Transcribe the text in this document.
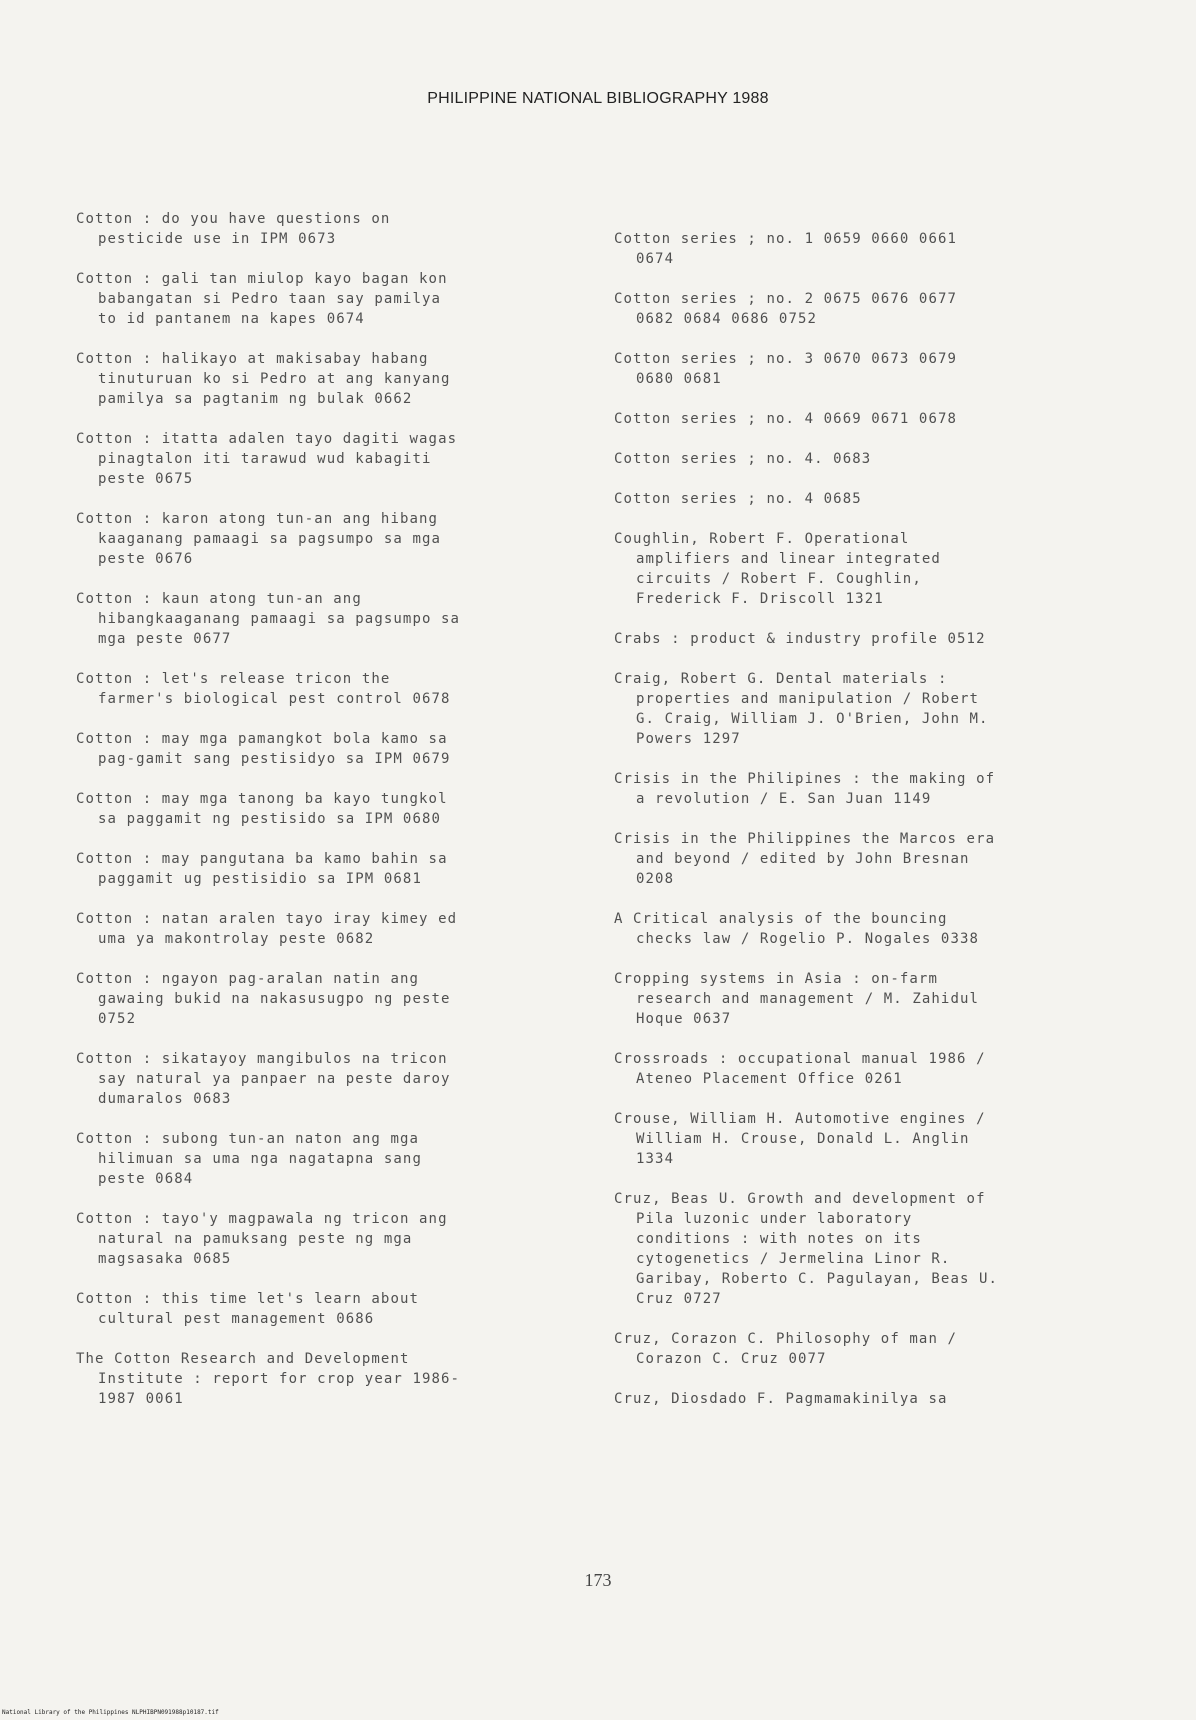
PHILIPPINE NATIONAL BIBLIOGRAPHY 1988
Cotton : do you have questions on
pesticide use in IPM 0673
Cotton : gali tan miulop kayo bagan kon
babangatan si Pedro taan say pamilya
to id pantanem na kapes 0674
Cotton : halikayo at makisabay habang
tinuturuan ko si Pedro at ang kanyang
pamilya sa pagtanim ng bulak 0662
Cotton : itatta adalen tayo dagiti wagas
pinagtalon iti tarawud wud kabagiti
peste 0675
Cotton : karon atong tun-an ang hibang
kaaganang pamaagi sa pagsumpo sa mga
peste 0676
Cotton : kaun atong tun-an ang
hibangkaaganang pamaagi sa pagsumpo sa
mga peste 0677
Cotton : let's release tricon the
farmer's biological pest control 0678
Cotton : may mga pamangkot bola kamo sa
pag-gamit sang pestisidyo sa IPM 0679
Cotton : may mga tanong ba kayo tungkol
sa paggamit ng pestisido sa IPM 0680
Cotton : may pangutana ba kamo bahin sa
paggamit ug pestisidio sa IPM 0681
Cotton : natan aralen tayo iray kimey ed
uma ya makontrolay peste 0682
Cotton : ngayon pag-aralan natin ang
gawaing bukid na nakasusugpo ng peste
0752
Cotton : sikatayoy mangibulos na tricon
say natural ya panpaer na peste daroy
dumaralos 0683
Cotton : subong tun-an naton ang mga
hilimuan sa uma nga nagatapna sang
peste 0684
Cotton : tayo'y magpawala ng tricon ang
natural na pamuksang peste ng mga
magsasaka 0685
Cotton : this time let's learn about
cultural pest management 0686
The Cotton Research and Development
Institute : report for crop year 1986-
1987 0061
Cotton series ; no. 1 0659 0660 0661
0674
Cotton series ; no. 2 0675 0676 0677
0682 0684 0686 0752
Cotton series ; no. 3 0670 0673 0679
0680 0681
Cotton series ; no. 4 0669 0671 0678
Cotton series ; no. 4. 0683
Cotton series ; no. 4 0685
Coughlin, Robert F. Operational
amplifiers and linear integrated
circuits / Robert F. Coughlin,
Frederick F. Driscoll 1321
Crabs : product & industry profile 0512
Craig, Robert G. Dental materials :
properties and manipulation / Robert
G. Craig, William J. O'Brien, John M.
Powers 1297
Crisis in the Philipines : the making of
a revolution / E. San Juan 1149
Crisis in the Philippines the Marcos era
and beyond / edited by John Bresnan
0208
A Critical analysis of the bouncing
checks law / Rogelio P. Nogales 0338
Cropping systems in Asia : on-farm
research and management / M. Zahidul
Hoque 0637
Crossroads : occupational manual 1986 /
Ateneo Placement Office 0261
Crouse, William H. Automotive engines /
William H. Crouse, Donald L. Anglin
1334
Cruz, Beas U. Growth and development of
Pila luzonic under laboratory
conditions : with notes on its
cytogenetics / Jermelina Linor R.
Garibay, Roberto C. Pagulayan, Beas U.
Cruz 0727
Cruz, Corazon C. Philosophy of man /
Corazon C. Cruz 0077
Cruz, Diosdado F. Pagmamakinilya sa
173
National Library of the Philippines NLPHIBPN091988p10187.tif
